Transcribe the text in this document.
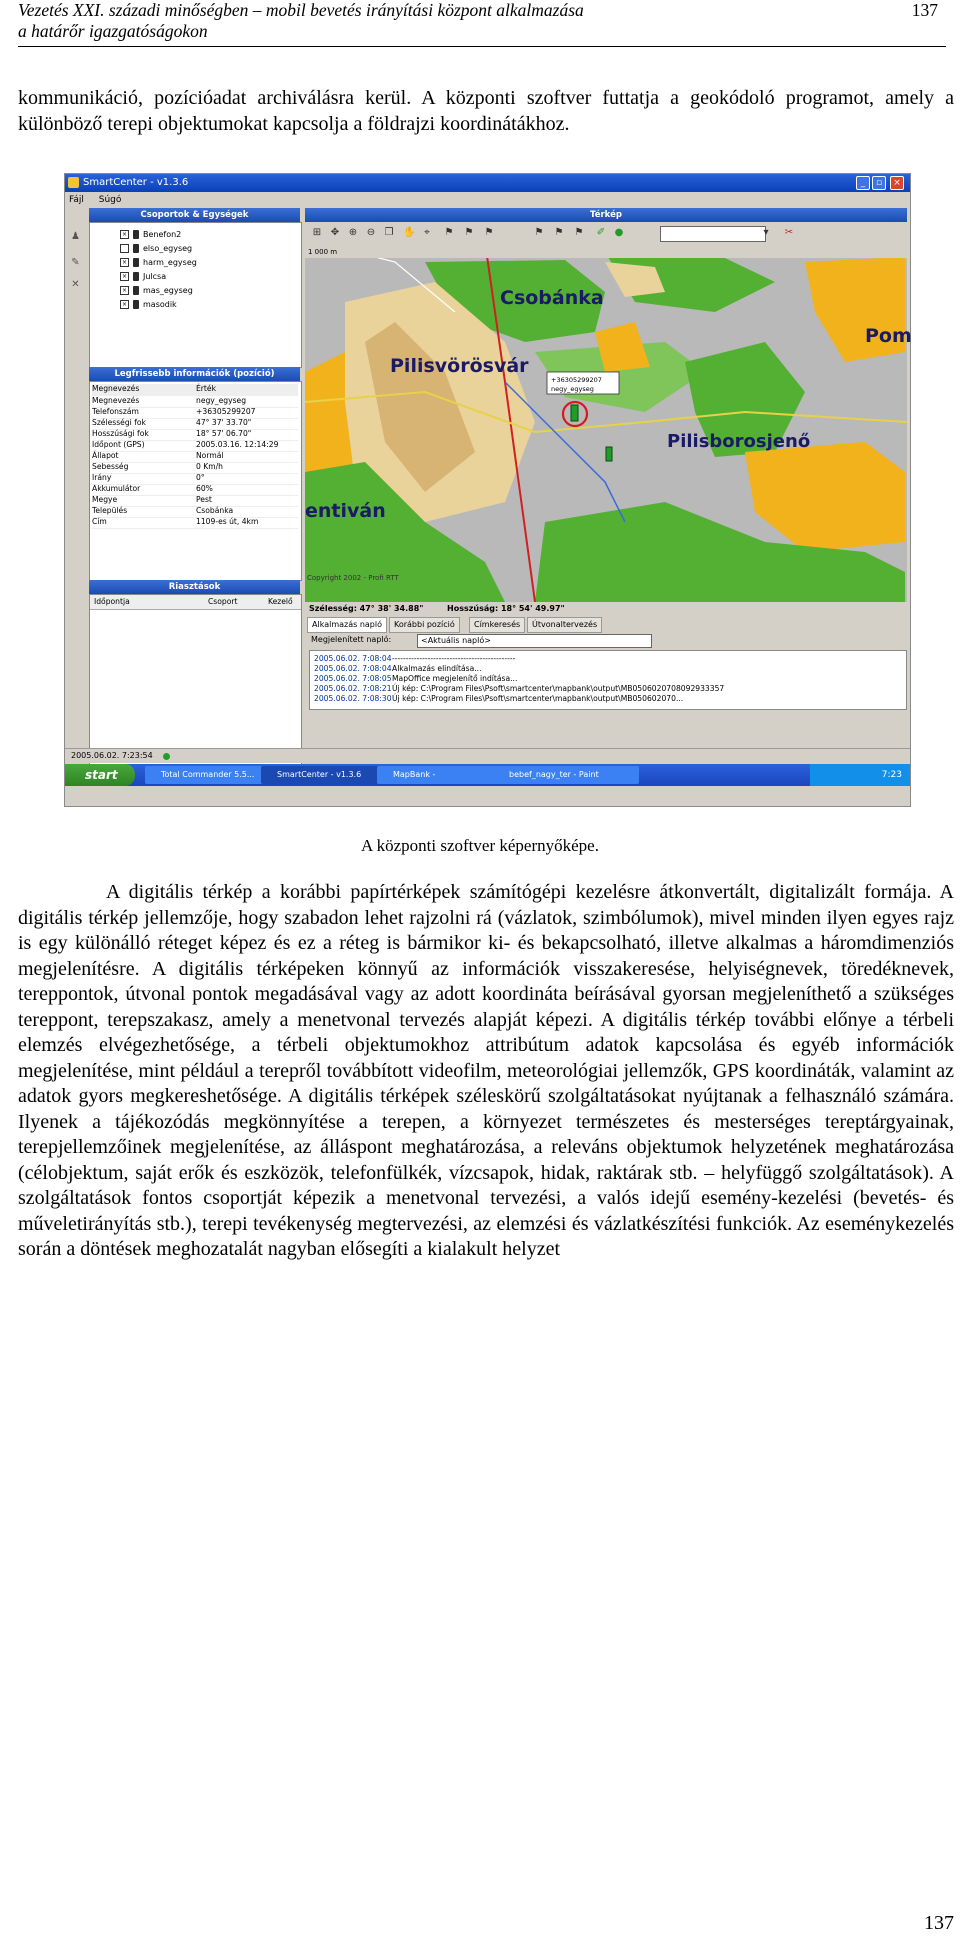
Vezetés XXI. századi minőségben – mobil bevetés irányítási központ alkalmazása
a határőr igazgatóságokon
137
kommunikáció, pozícióadat archiválásra kerül. A központi szoftver futtatja a geokódoló programot, amely a különböző terepi objektumokat kapcsolja a földrajzi koordinátákhoz.
SmartCenter - v1.3.6	_	▫	×
Fájl Súgó
♟
✎
✕
Csoportok & Egységek
× Benefon2
elso_egyseg
× harm_egyseg
× Julcsa
× mas_egyseg
× masodik
Legfrissebb információk (pozíció)
Megnevezés	Érték
Megnevezés	negy_egyseg
Telefonszám	+36305299207
Szélességi fok	47° 37' 33.70"
Hosszúsági fok	18° 57' 06.70"
Időpont (GPS)	2005.03.16. 12:14:29
Állapot	Normál
Sebesség	0 Km/h
Irány	0°
Akkumulátor	60%
Megye	Pest
Település	Csobánka
Cím	1109-es út, 4km
Riasztások
Időpontja	Csoport	Kezelő
Térkép
Csobánka
Pom
Pilisvörösvár
Pilisborosjenő
entiván
+36305299207
negy_egyseg
Copyright 2002 - Profi RTT
⊞ ✥ ⊕ ⊖ ❐ ✋ ⌖	⚑ ⚑ ⚑	⚑ ⚑ ⚑ ✐ ●	▾	✂
1 000 m
Szélesség: 47° 38' 34.88"	Hosszúság: 18° 54' 49.97"
Alkalmazás napló	Korábbi pozíció	Címkeresés	Útvonaltervezés
Megjelenített napló:	<Aktuális napló>
2005.06.02. 7:08:04---------------------------------------------
2005.06.02. 7:08:04Alkalmazás elindítása...
2005.06.02. 7:08:05MapOffice megjelenítő indítása...
2005.06.02. 7:08:21Új kép: C:\Program Files\Psoft\smartcenter\mapbank\output\MB0506020708092933357
2005.06.02. 7:08:30Új kép: C:\Program Files\Psoft\smartcenter\mapbank\output\MB050602070...
2005.06.02. 7:23:54
start	Total Commander 5.5...	SmartCenter - v1.3.6	MapBank -	bebef_nagy_ter - Paint	7:23
A központi szoftver képernyőképe.
A digitális térkép a korábbi papírtérképek számítógépi kezelésre átkonvertált, digitalizált formája. A digitális térkép jellemzője, hogy szabadon lehet rajzolni rá (vázlatok, szimbólumok), mivel minden ilyen egyes rajz is egy különálló réteget képez és ez a réteg is bármikor ki- és bekapcsolható, illetve alkalmas a háromdimenziós megjelenítésre. A digitális térképeken könnyű az információk visszakeresése, helyiségnevek, töredéknevek, tereppontok, útvonal pontok megadásával vagy az adott koordináta beírásával gyorsan megjeleníthető a szükséges tereppont, terepszakasz, amely a menetvonal tervezés alapját képezi. A digitális térkép további előnye a térbeli elemzés elvégezhetősége, a térbeli objektumokhoz attribútum adatok kapcsolása és egyéb információk megjelenítése, mint például a terepről továbbított videofilm, meteorológiai jellemzők, GPS koordináták, valamint az adatok gyors megkereshetősége. A digitális térképek széleskörű szolgáltatásokat nyújtanak a felhasználó számára. Ilyenek a tájékozódás megkönnyítése a terepen, a környezet természetes és mesterséges tereptárgyainak, terepjellemzőinek megjelenítése, az álláspont meghatározása, a releváns objektumok helyzetének meghatározása (célobjektum, saját erők és eszközök, telefonfülkék, vízcsapok, hidak, raktárak stb. – helyfüggő szolgáltatások). A szolgáltatások fontos csoportját képezik a menetvonal tervezési, a valós idejű esemény-kezelési (bevetés- és műveletirányítás stb.), terepi tevékenység megtervezési, az elemzési és vázlatkészítési funkciók. Az eseménykezelés során a döntések meghozatalát nagyban elősegíti a kialakult helyzet
137
